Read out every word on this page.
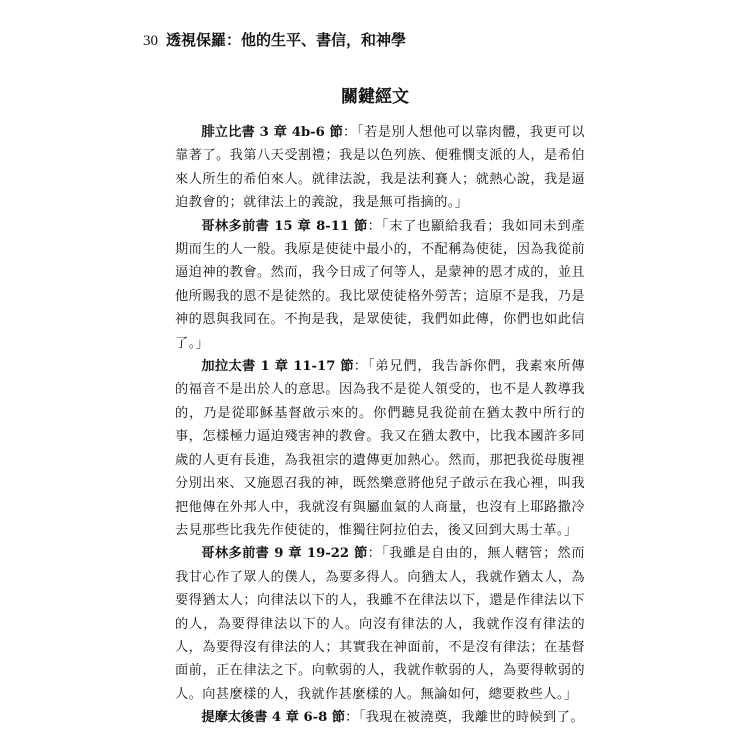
30 透視保羅：他的生平、書信，和神學
關鍵經文

腓立比書 3 章 4b-6 節：「若是別人想他可以靠肉體，我更可以靠著了。我第八天受割禮；我是以色列族、便雅憫支派的人，是希伯來人所生的希伯來人。就律法說，我是法利賽人；就熱心說，我是逼迫教會的；就律法上的義說，我是無可指摘的。」

哥林多前書 15 章 8-11 節：「末了也顯給我看；我如同未到產期而生的人一般。我原是使徒中最小的，不配稱為使徒，因為我從前逼迫神的教會。然而，我今日成了何等人，是蒙神的恩才成的，並且他所賜我的恩不是徒然的。我比眾使徒格外勞苦；這原不是我，乃是神的恩與我同在。不拘是我，是眾使徒，我們如此傳，你們也如此信了。」

加拉太書 1 章 11-17 節：「弟兄們，我告訴你們，我素來所傳的福音不是出於人的意思。因為我不是從人領受的，也不是人教導我的，乃是從耶穌基督啟示來的。你們聽見我從前在猶太教中所行的事，怎樣極力逼迫殘害神的教會。我又在猶太教中，比我本國許多同歲的人更有長進，為我祖宗的遺傳更加熱心。然而，那把我從母腹裡分別出來、又施恩召我的神，既然樂意將他兒子啟示在我心裡，叫我把他傳在外邦人中，我就沒有與屬血氣的人商量，也沒有上耶路撒冷去見那些比我先作使徒的，惟獨往阿拉伯去，後又回到大馬士革。」

哥林多前書 9 章 19-22 節：「我雖是自由的，無人轄管；然而我甘心作了眾人的僕人，為要多得人。向猶太人，我就作猶太人，為要得猶太人；向律法以下的人，我雖不在律法以下，還是作律法以下的人，為要得律法以下的人。向沒有律法的人，我就作沒有律法的人，為要得沒有律法的人；其實我在神面前，不是沒有律法；在基督面前，正在律法之下。向軟弱的人，我就作軟弱的人，為要得軟弱的人。向甚麼樣的人，我就作甚麼樣的人。無論如何，總要救些人。」

提摩太後書 4 章 6-8 節：「我現在被澆奠，我離世的時候到了。
